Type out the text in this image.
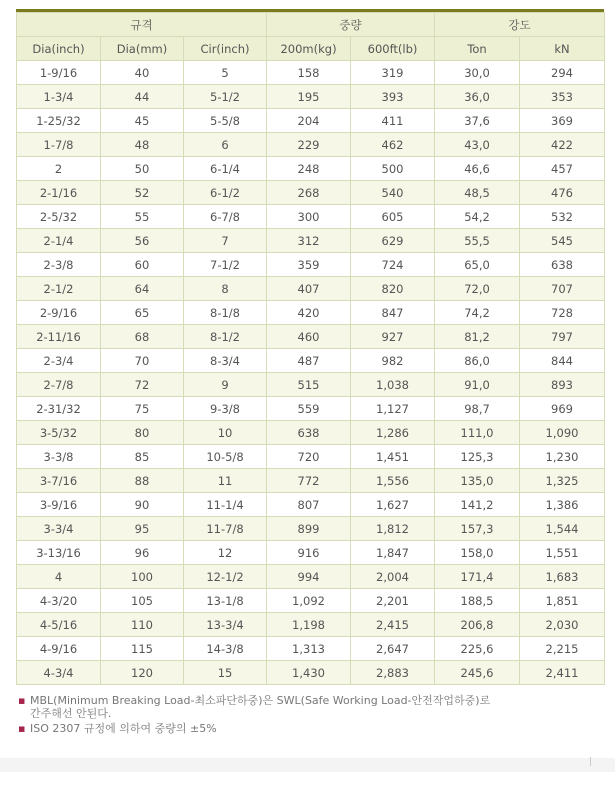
규격			중량		강도	
Dia(inch)	Dia(mm)	Cir(inch)	200m(kg)	600ft(lb)	Ton	kN
1-9/16	40	5	158	319	30,0	294
1-3/4	44	5-1/2	195	393	36,0	353
1-25/32	45	5-5/8	204	411	37,6	369
1-7/8	48	6	229	462	43,0	422
2	50	6-1/4	248	500	46,6	457
2-1/16	52	6-1/2	268	540	48,5	476
2-5/32	55	6-7/8	300	605	54,2	532
2-1/4	56	7	312	629	55,5	545
2-3/8	60	7-1/2	359	724	65,0	638
2-1/2	64	8	407	820	72,0	707
2-9/16	65	8-1/8	420	847	74,2	728
2-11/16	68	8-1/2	460	927	81,2	797
2-3/4	70	8-3/4	487	982	86,0	844
2-7/8	72	9	515	1,038	91,0	893
2-31/32	75	9-3/8	559	1,127	98,7	969
3-5/32	80	10	638	1,286	111,0	1,090
3-3/8	85	10-5/8	720	1,451	125,3	1,230
3-7/16	88	11	772	1,556	135,0	1,325
3-9/16	90	11-1/4	807	1,627	141,2	1,386
3-3/4	95	11-7/8	899	1,812	157,3	1,544
3-13/16	96	12	916	1,847	158,0	1,551
4	100	12-1/2	994	2,004	171,4	1,683
4-3/20	105	13-1/8	1,092	2,201	188,5	1,851
4-5/16	110	13-3/4	1,198	2,415	206,8	2,030
4-9/16	115	14-3/8	1,313	2,647	225,6	2,215
4-3/4	120	15	1,430	2,883	245,6	2,411
▪ MBL(Minimum Breaking Load-최소파단하중)은 SWL(Safe Working Load-안전작업하중)로
간주해선 안된다.
▪ ISO 2307 규정에 의하여 중량의 ±5%
